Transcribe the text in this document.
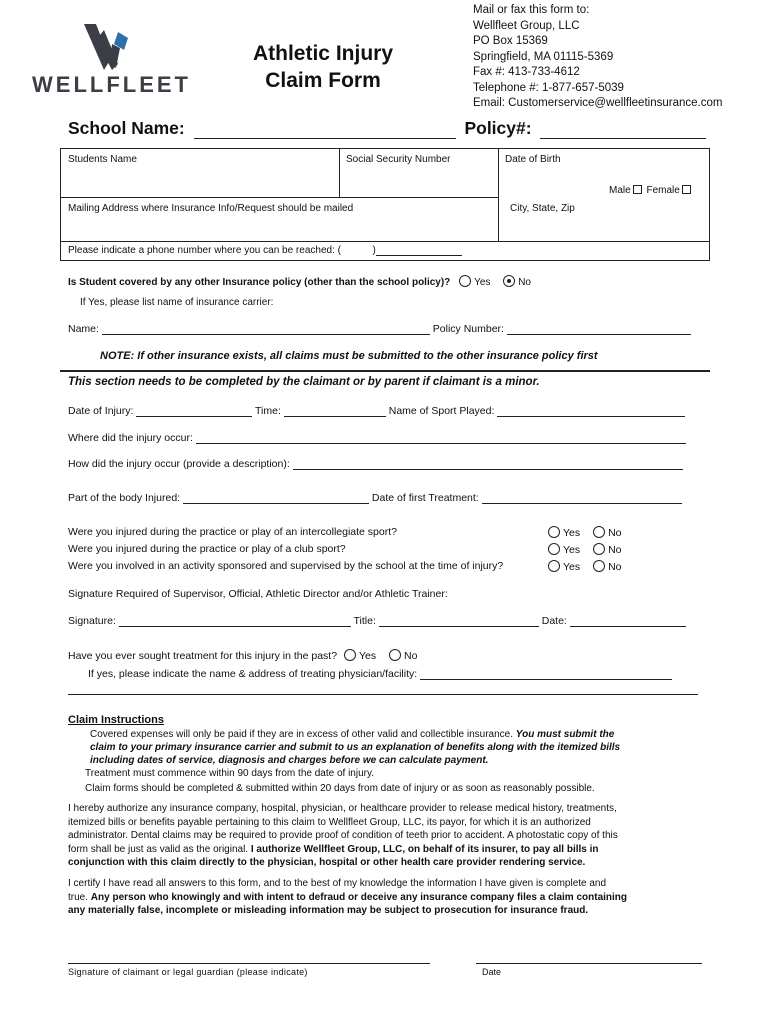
WELLFLEET
Athletic Injury
Claim Form
Mail or fax this form to:
Wellfleet Group, LLC
PO Box 15369
Springfield, MA 01115-5369
Fax #: 413-733-4612
Telephone #: 1-877-657-5039
Email: Customerservice@wellfleetinsurance.com
School Name:	Policy#:
Students Name	Social Security Number	Date of Birth
Male Female
Mailing Address where Insurance Info/Request should be mailed	City, State, Zip
Please indicate a phone number where you can be reached: (	)
Is Student covered by any other Insurance policy (other than the school policy)? Yes	No
If Yes, please list name of insurance carrier:
Name:	Policy Number:
NOTE: If other insurance exists, all claims must be submitted to the other insurance policy first
This section needs to be completed by the claimant or by parent if claimant is a minor.
Date of Injury:	Time:	Name of Sport Played:
Where did the injury occur:
How did the injury occur (provide a description):
Part of the body Injured:	Date of first Treatment:
Were you injured during the practice or play of an intercollegiate sport?
Were you injured during the practice or play of a club sport?
Were you involved in an activity sponsored and supervised by the school at the time of injury?
Yes	No
Yes	No
Yes	No
Signature Required of Supervisor, Official, Athletic Director and/or Athletic Trainer:
Signature:	Title:	Date:
Have you ever sought treatment for this injury in the past? Yes	No
If yes, please indicate the name & address of treating physician/facility:
Claim Instructions
Covered expenses will only be paid if they are in excess of other valid and collectible insurance. You must submit the
claim to your primary insurance carrier and submit to us an explanation of benefits along with the itemized bills
including dates of service, diagnosis and charges before we can calculate payment.
Treatment must commence within 90 days from the date of injury.
Claim forms should be completed & submitted within 20 days from date of injury or as soon as reasonably possible.
I hereby authorize any insurance company, hospital, physician, or healthcare provider to release medical history, treatments,
itemized bills or benefits payable pertaining to this claim to Wellfleet Group, LLC, its payor, for which it is an authorized
administrator. Dental claims may be required to provide proof of condition of teeth prior to accident. A photostatic copy of this
form shall be just as valid as the original. I authorize Wellfleet Group, LLC, on behalf of its insurer, to pay all bills in
conjunction with this claim directly to the physician, hospital or other health care provider rendering service.
I certify I have read all answers to this form, and to the best of my knowledge the information I have given is complete and
true. Any person who knowingly and with intent to defraud or deceive any insurance company files a claim containing
any materially false, incomplete or misleading information may be subject to prosecution for insurance fraud.
Signature of claimant or legal guardian (please indicate)	Date
